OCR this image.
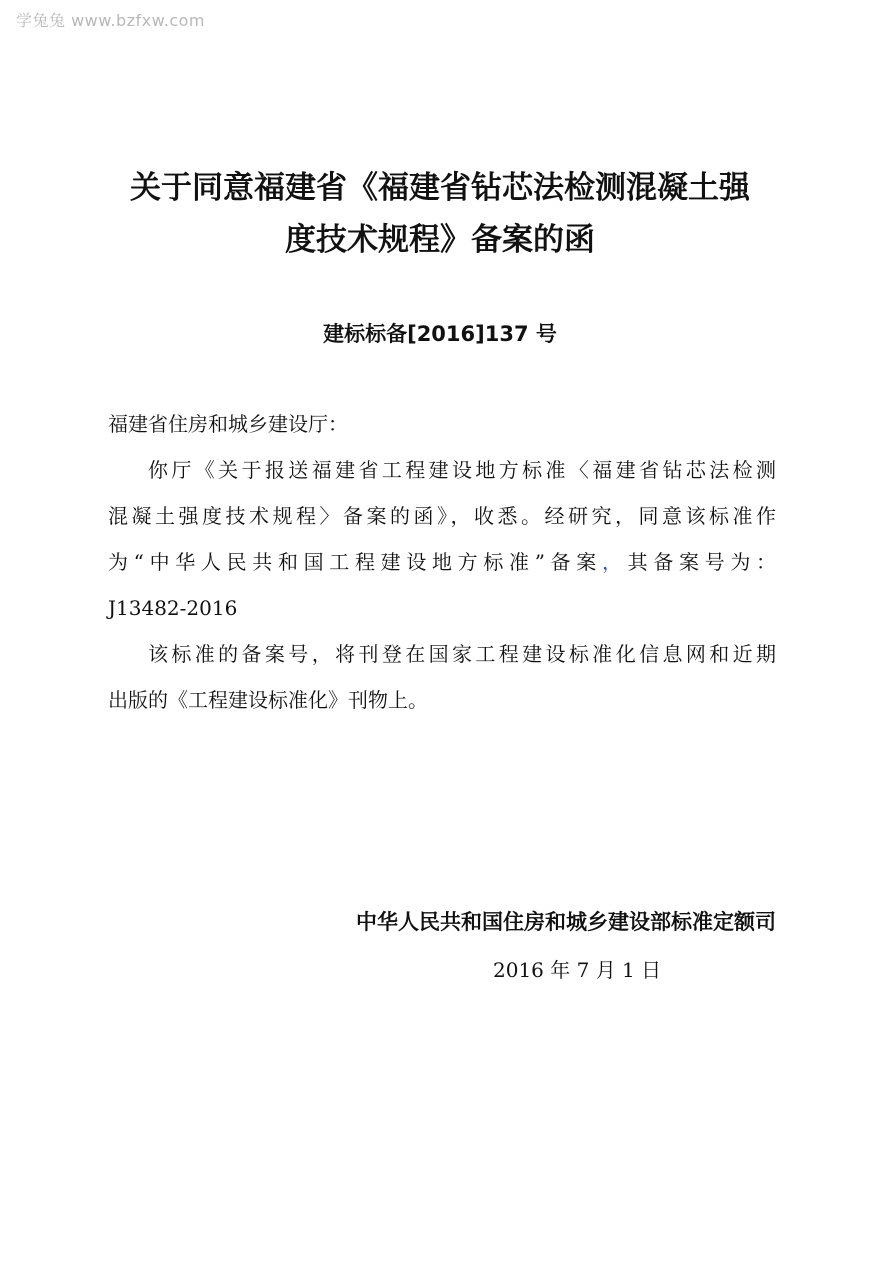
学兔兔 www.bzfxw.com
关于同意福建省《福建省钻芯法检测混凝土强
度技术规程》备案的函
建标标备[2016]137 号
福建省住房和城乡建设厅：
你厅《关于报送福建省工程建设地方标准〈福建省钻芯法检测
混凝土强度技术规程〉备案的函》，收悉。经研究，同意该标准作
为“中华人民共和国工程建设地方标准”备案，其备案号为：
J13482-2016
该标准的备案号，将刊登在国家工程建设标准化信息网和近期
出版的《工程建设标准化》刊物上。
中华人民共和国住房和城乡建设部标准定额司
2016 年 7 月 1 日
